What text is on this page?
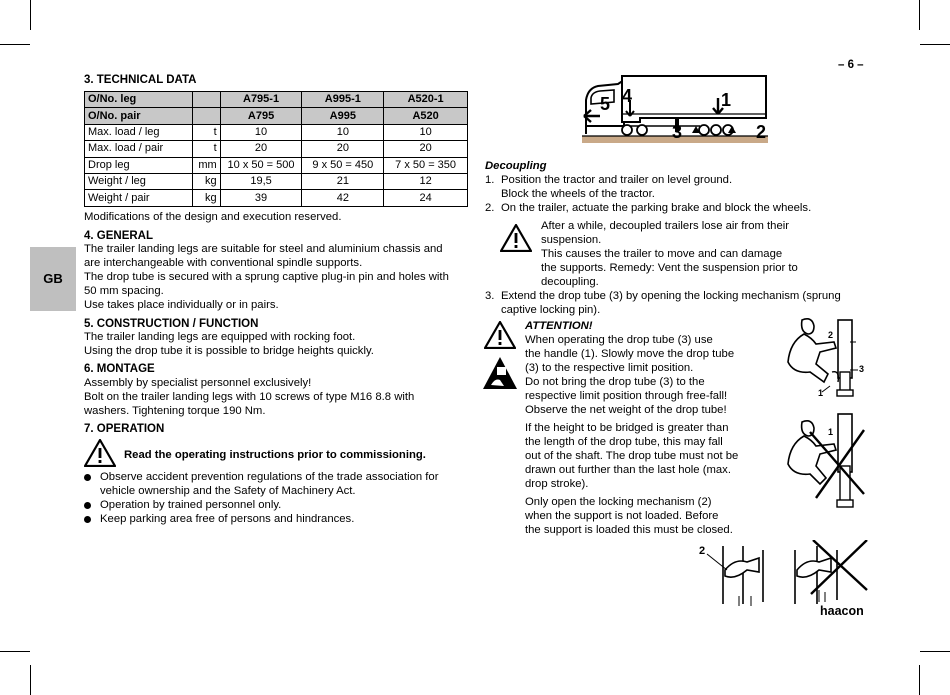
– 6 –
GB

3. TECHNICAL DATA

O/No. leg		A795-1	A995-1	A520-1
O/No. pair		A795	A995	A520
Max. load / leg	t	10	10	10
Max. load / pair	t	20	20	20
Drop leg	mm	10 x 50 = 500	9 x 50 = 450	7 x 50 = 350
Weight / leg	kg	19,5	21	12
Weight / pair	kg	39	42	24

Modifications of the design and execution reserved.

4. GENERAL

The trailer landing legs are suitable for steel and aluminium chassis and

are interchangeable with conventional spindle supports.

The drop tube is secured with a sprung captive plug-in pin and holes with

50 mm spacing.

Use takes place individually or in pairs.

5. CONSTRUCTION / FUNCTION

The trailer landing legs are equipped with rocking foot.

Using the drop tube it is possible to bridge heights quickly.

6. MONTAGE

Assembly by specialist personnel exclusively!

Bolt on the trailer landing legs with 10 screws of type M16 8.8 with

washers. Tightening torque 190 Nm.

7. OPERATION

Read the operating instructions prior to commissioning.

Observe accident prevention regulations of the trade association for

vehicle ownership and the Safety of Machinery Act.

Operation by trained personnel only.

Keep parking area free of persons and hindrances.

5 4	1
3	2

Decoupling

1. Position the tractor and trailer on level ground.

Block the wheels of the tractor.

2. On the trailer, actuate the parking brake and block the wheels.

After a while, decoupled trailers lose air from their

suspension.

This causes the trailer to move and can damage

the supports. Remedy: Vent the suspension prior to

decoupling.

3. Extend the drop tube (3) by opening the locking mechanism (sprung

captive locking pin).

ATTENTION!

When operating the drop tube (3) use

the handle (1). Slowly move the drop tube

(3) to the respective limit position.

Do not bring the drop tube (3) to the

respective limit position through free-fall!

Observe the net weight of the drop tube!

If the height to be bridged is greater than

the length of the drop tube, this may fall

out of the shaft. The drop tube must not be

drawn out further than the last hole (max.

drop stroke).

Only open the locking mechanism (2)

when the support is not loaded. Before

the support is loaded this must be closed.

2
3
1
1
2
haacon
